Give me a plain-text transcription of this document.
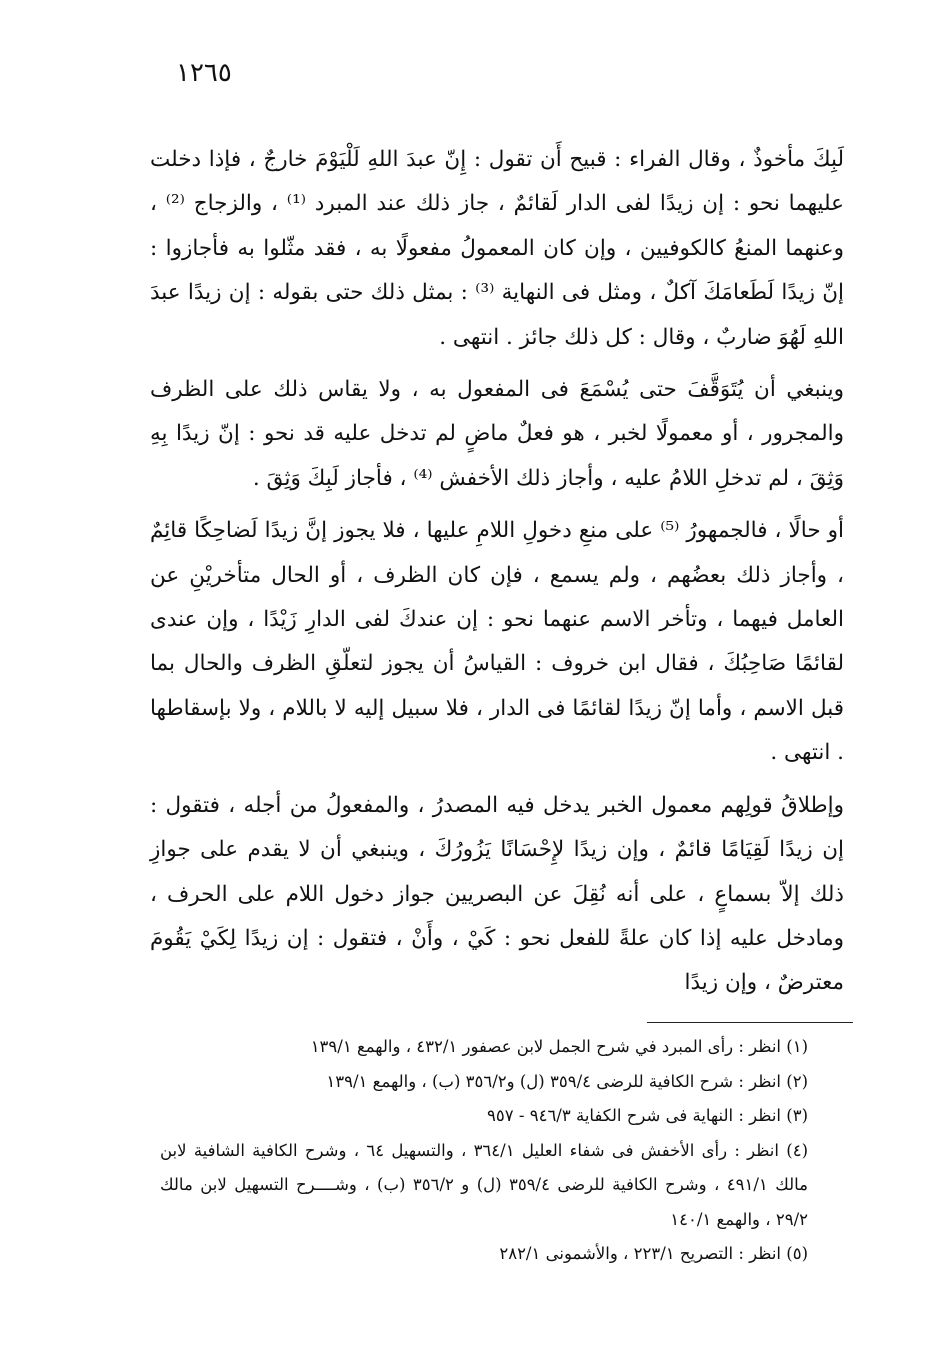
١٢٦٥

لَبِكَ مأخوذٌ ، وقال الفراء : قبيح أَن تقول : إِنّ عبدَ اللهِ لَلْيَوْمَ خارجٌ ، فإذا دخلت عليهما نحو : إن زيدًا لفى الدار لَقائمٌ ، جاز ذلك عند المبرد ⁽¹⁾ ، والزجاج ⁽²⁾ ، وعنهما المنعُ كالكوفيين ، وإن كان المعمولُ مفعولًا به ، فقد مثّلوا به فأجازوا : إنّ زيدًا لَطَعامَكَ آكلٌ ، ومثل فى النهاية ⁽³⁾ : بمثل ذلك حتى بقوله : إن زيدًا عبدَ اللهِ لَهُوَ ضاربٌ ، وقال : كل ذلك جائز . انتهى .

وينبغي أن يُتَوَقَّفَ حتى يُسْمَعَ فى المفعول به ، ولا يقاس ذلك على الظرف والمجرور ، أو معمولًا لخبر ، هو فعلٌ ماضٍ لم تدخل عليه قد نحو : إنّ زيدًا بِهِ وَثِقَ ، لم تدخلِ اللامُ عليه ، وأجاز ذلك الأخفش ⁽⁴⁾ ، فأجاز لَبِكَ وَثِقَ .

أو حالًا ، فالجمهورُ ⁽⁵⁾ على منعِ دخولِ اللامِ عليها ، فلا يجوز إنَّ زيدًا لَضاحِكًا قائِمٌ ، وأجاز ذلك بعضُهم ، ولم يسمع ، فإن كان الظرف ، أو الحال متأخريْنِ عن العامل فيهما ، وتأخر الاسم عنهما نحو : إن عندكَ لفى الدارِ زَيْدًا ، وإن عندى لقائمًا صَاحِبُكَ ، فقال ابن خروف : القياسُ أن يجوز لتعلّقِ الظرف والحال بما قبل الاسم ، وأما إنّ زيدًا لقائمًا فى الدار ، فلا سبيل إليه لا باللام ، ولا بإسقاطها . انتهى .

وإطلاقُ قولِهم معمول الخبر يدخل فيه المصدرُ ، والمفعولُ من أجله ، فتقول : إن زيدًا لَقِيَامًا قائمٌ ، وإن زيدًا لإِحْسَانًا يَزُورُكَ ، وينبغي أن لا يقدم على جوازِ ذلك إلاّ بسماعٍ ، على أنه نُقِلَ عن البصريين جواز دخول اللام على الحرف ، ومادخل عليه إذا كان علةً للفعل نحو : كَيْ ، وأَنْ ، فتقول : إن زيدًا لِكَيْ يَقُومَ معترضٌ ، وإن زيدًا

(١) انظر : رأى المبرد في شرح الجمل لابن عصفور ٤٣٢/١ ، والهمع ١٣٩/١

(٢) انظر : شرح الكافية للرضى ٣٥٩/٤ (ل) و٣٥٦/٢ (ب) ، والهمع ١٣٩/١

(٣) انظر : النهاية فى شرح الكفاية ٩٤٦/٣ - ٩٥٧

(٤) انظر : رأى الأخفش فى شفاء العليل ٣٦٤/١ ، والتسهيل ٦٤ ، وشرح الكافية الشافية لابن مالك ٤٩١/١ ، وشرح الكافية للرضى ٣٥٩/٤ (ل) و ٣٥٦/٢ (ب) ، وشــــرح التسهيل لابن مالك ٢٩/٢ ، والهمع ١٤٠/١

(٥) انظر : التصريح ٢٢٣/١ ، والأشمونى ٢٨٢/١
